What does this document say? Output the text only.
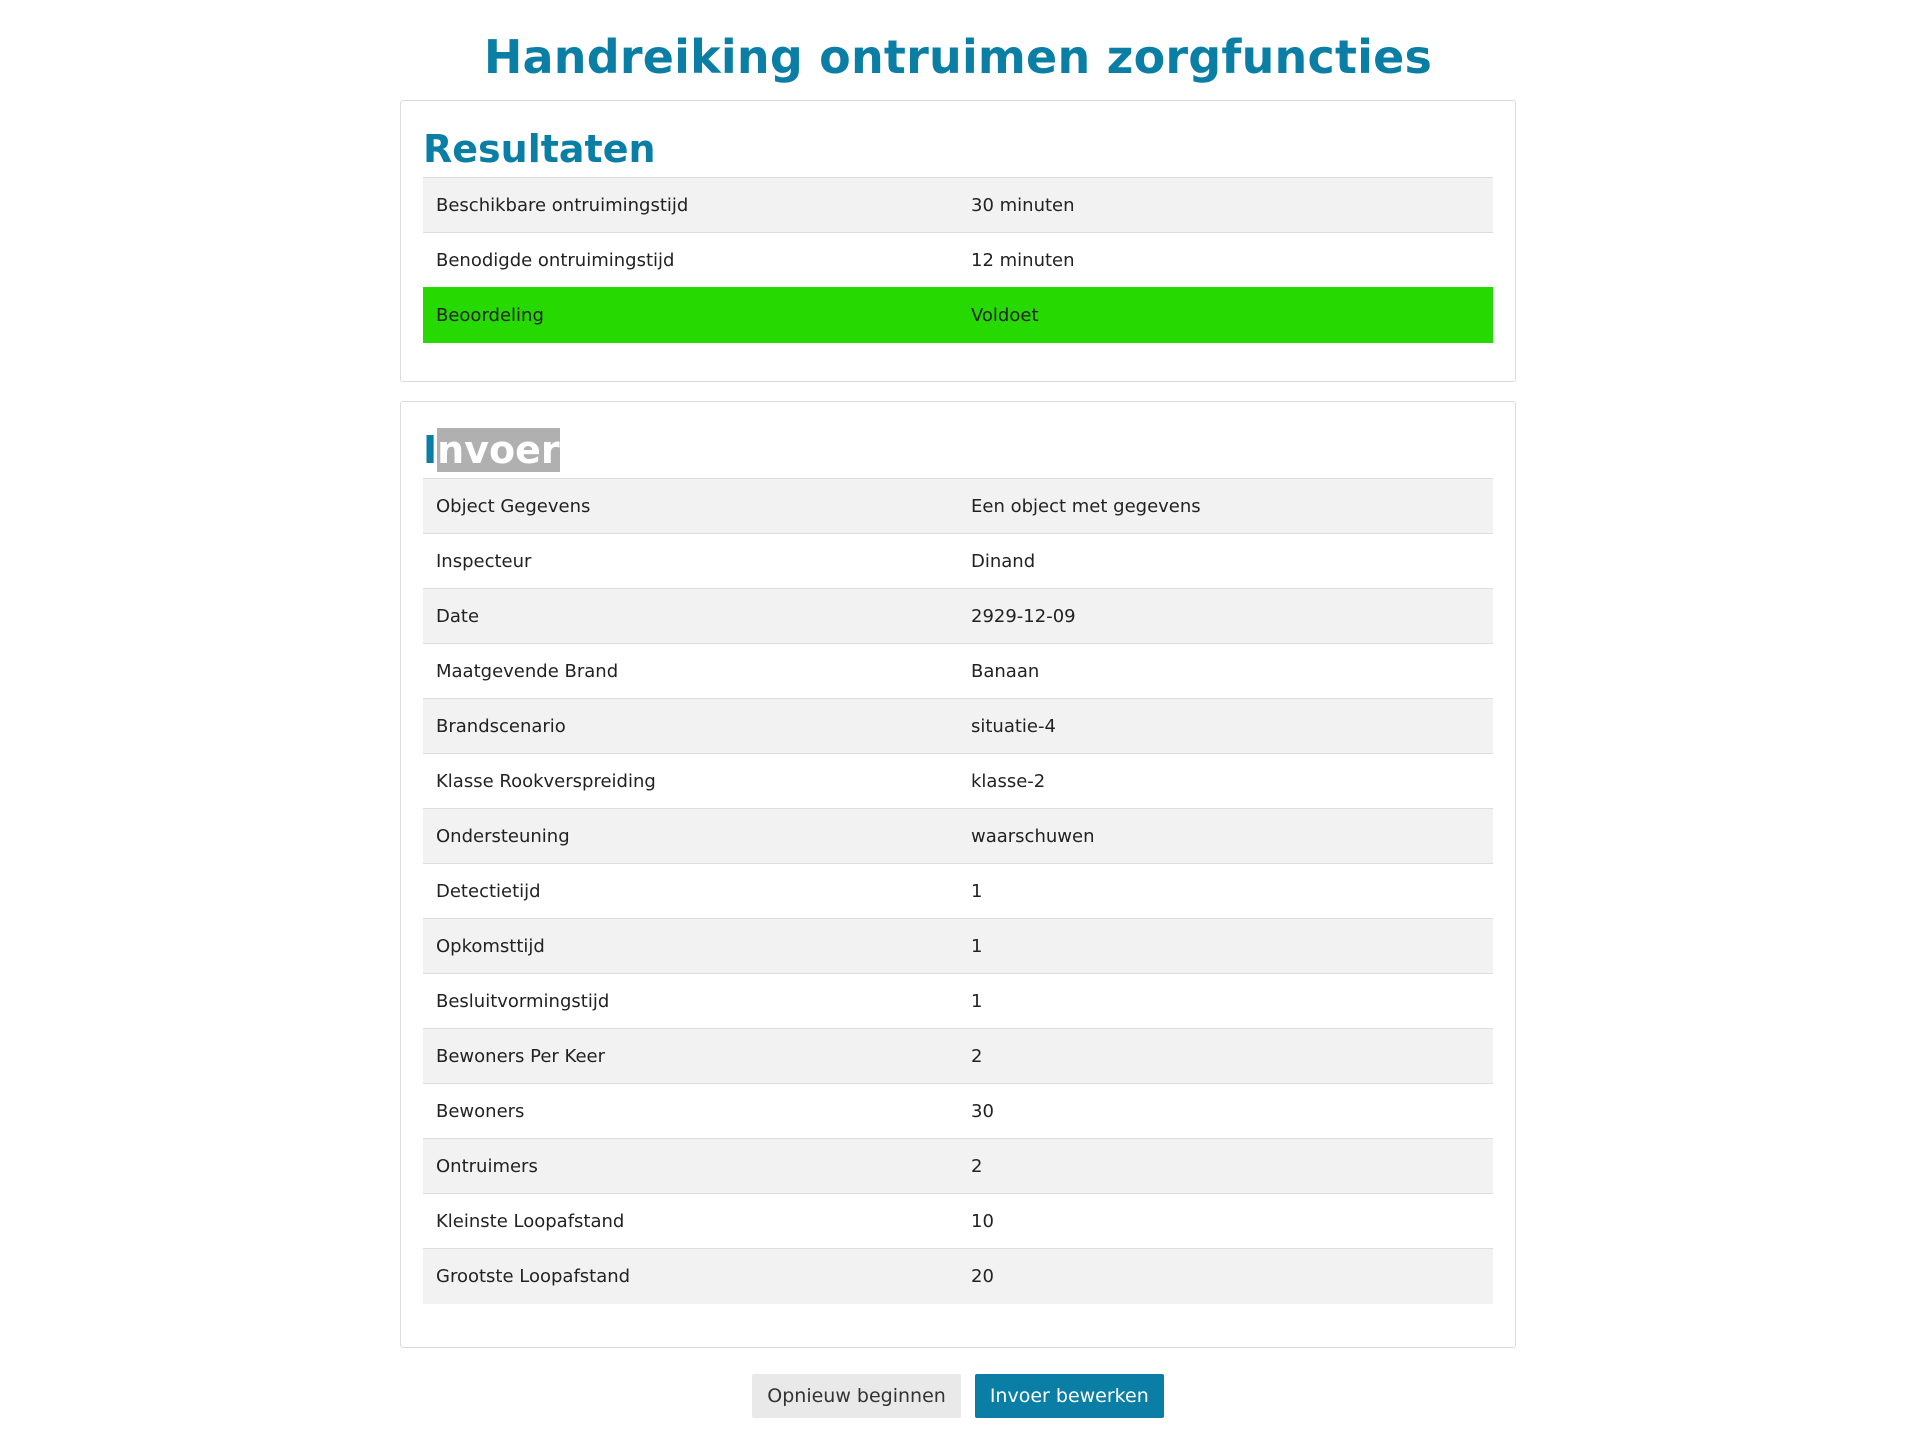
Handreiking ontruimen zorgfuncties
Resultaten
Beschikbare ontruimingstijd	30 minuten
Benodigde ontruimingstijd	12 minuten
Beoordeling	Voldoet
Invoer
Object Gegevens	Een object met gegevens
Inspecteur	Dinand
Date	2929-12-09
Maatgevende Brand	Banaan
Brandscenario	situatie-4
Klasse Rookverspreiding	klasse-2
Ondersteuning	waarschuwen
Detectietijd	1
Opkomsttijd	1
Besluitvormingstijd	1
Bewoners Per Keer	2
Bewoners	30
Ontruimers	2
Kleinste Loopafstand	10
Grootste Loopafstand	20
Opnieuw beginnen Invoer bewerken
